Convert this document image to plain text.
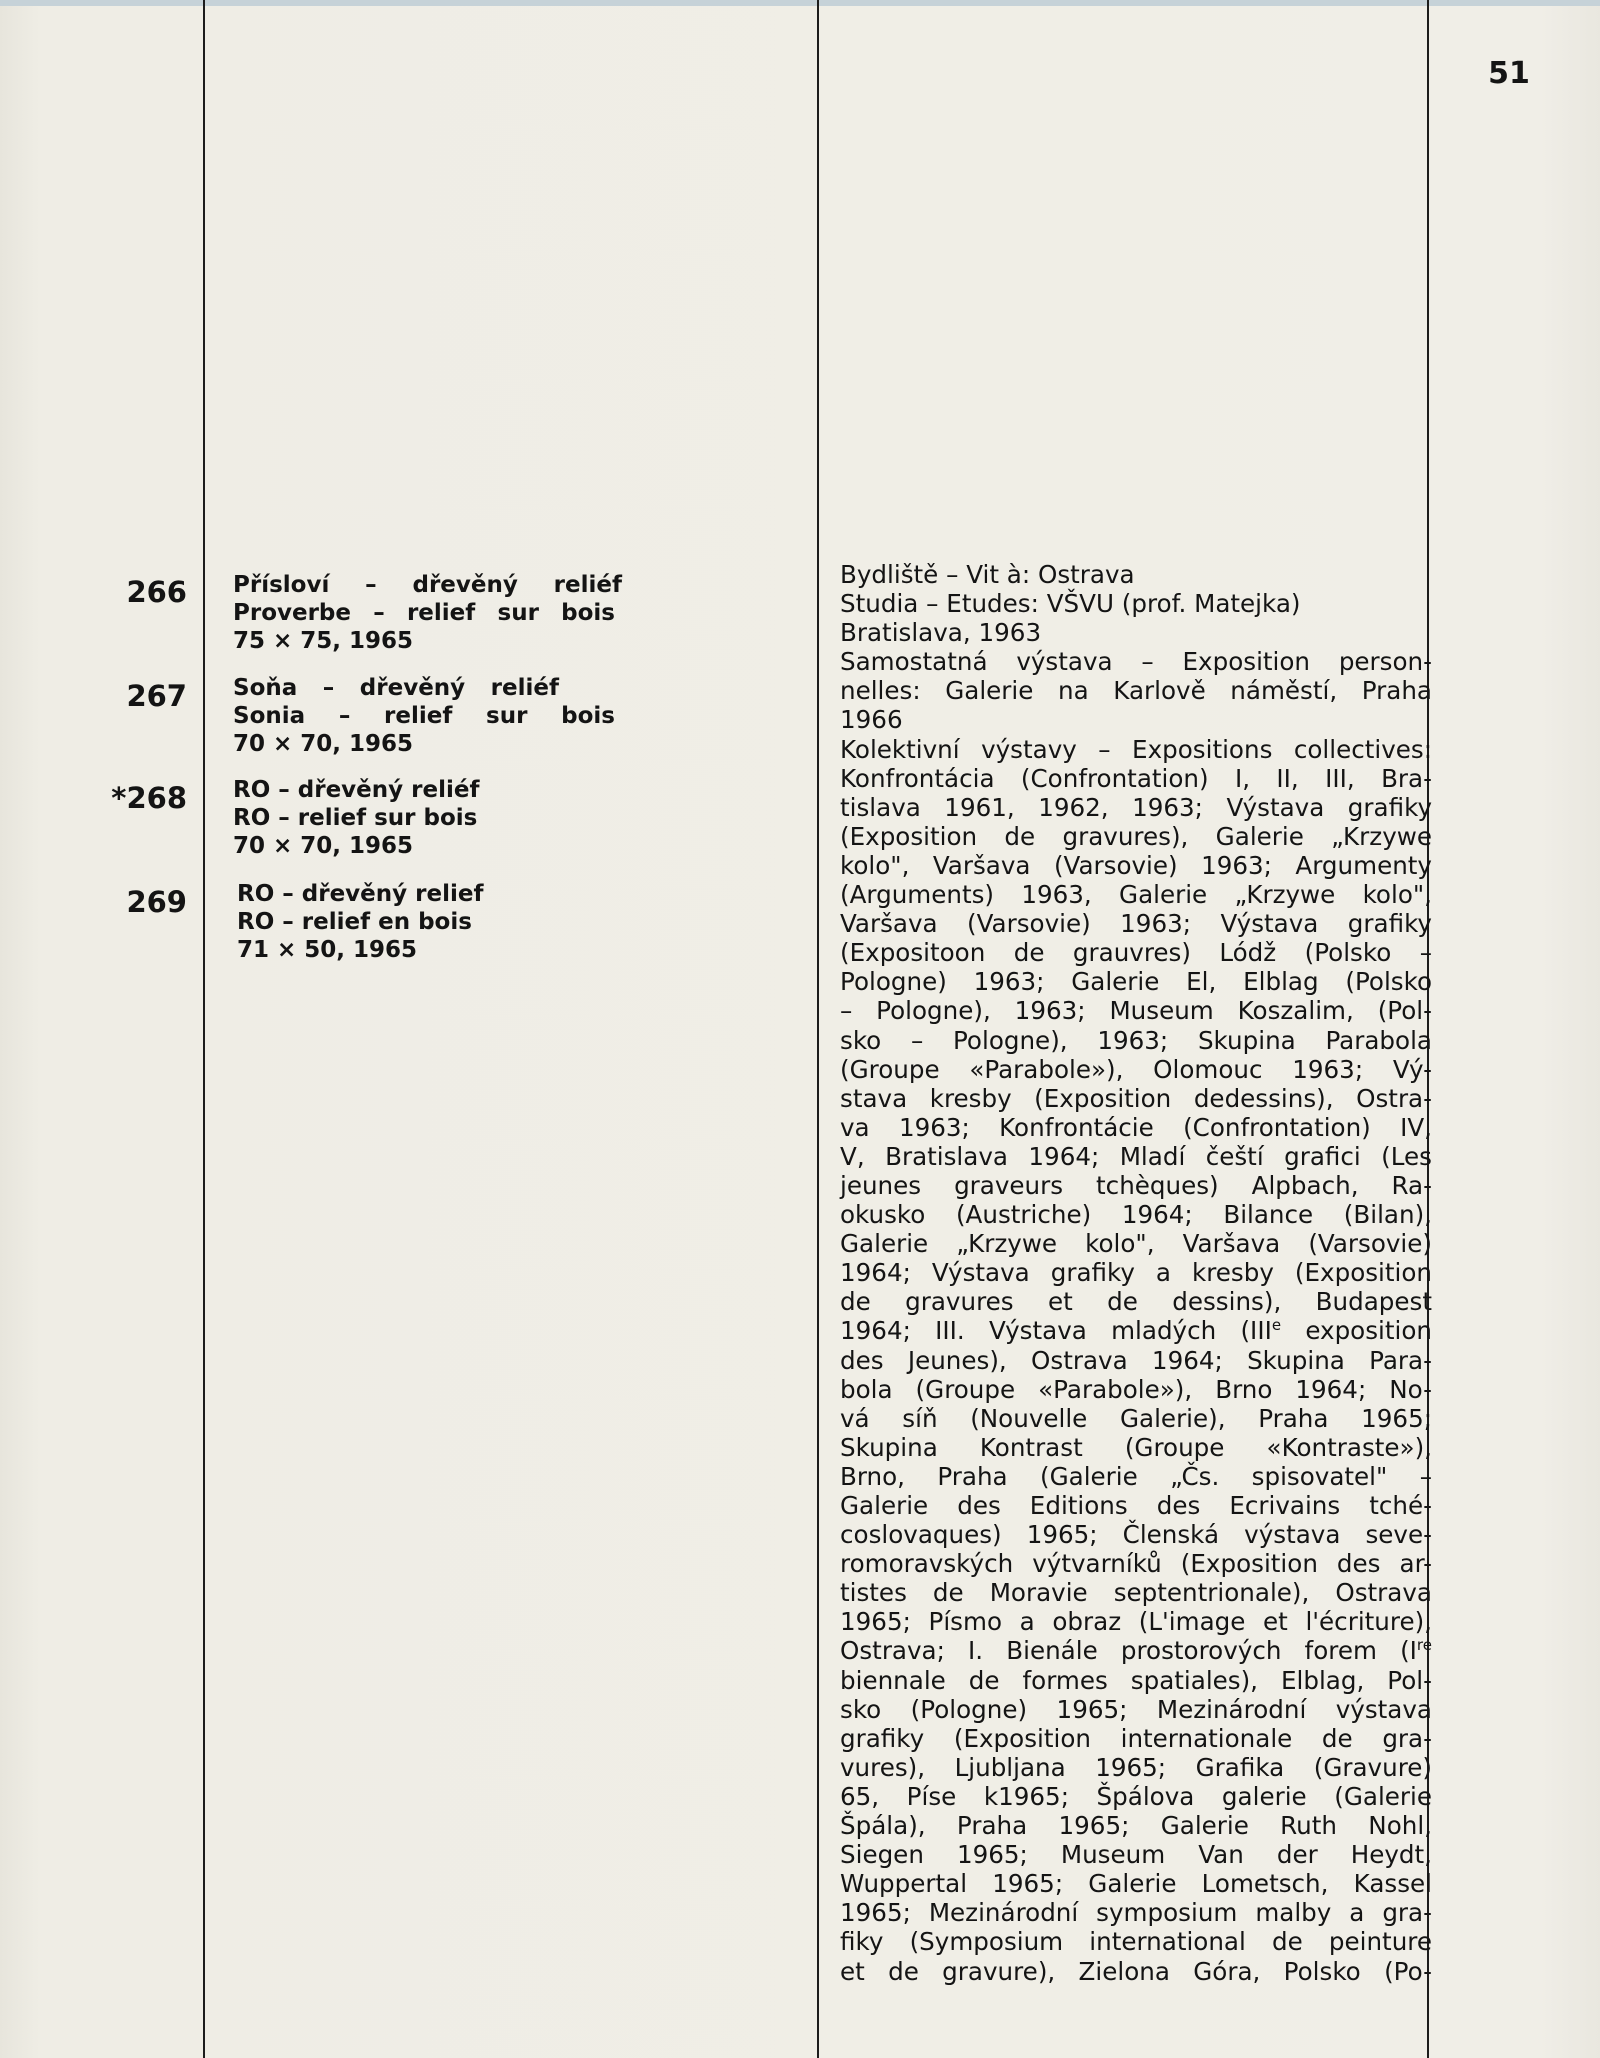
51
266 Přísloví – dřevěný reliéf
Proverbe – relief sur bois
75 × 75, 1965
267 Soňa – dřevěný reliéf
Sonia – relief sur bois
70 × 70, 1965
*268 RO – dřevěný reliéf
RO – relief sur bois
70 × 70, 1965
269 RO – dřevěný relief
RO – relief en bois
71 × 50, 1965
Bydliště – Vit à: Ostrava
Studia – Etudes: VŠVU (prof. Matejka)
Bratislava, 1963
Samostatná výstava – Exposition person-
nelles: Galerie na Karlově náměstí, Praha
1966
Kolektivní výstavy – Expositions collectives:
Konfrontácia (Confrontation) I, II, III, Bra-
tislava 1961, 1962, 1963; Výstava grafiky
(Exposition de gravures), Galerie „Krzywe
kolo", Varšava (Varsovie) 1963; Argumenty
(Arguments) 1963, Galerie „Krzywe kolo",
Varšava (Varsovie) 1963; Výstava grafiky
(Expositoon de grauvres) Lódž (Polsko –
Pologne) 1963; Galerie El, Elblag (Polsko
– Pologne), 1963; Museum Koszalim, (Pol-
sko – Pologne), 1963; Skupina Parabola
(Groupe «Parabole»), Olomouc 1963; Vý-
stava kresby (Exposition dedessins), Ostra-
va 1963; Konfrontácie (Confrontation) IV,
V, Bratislava 1964; Mladí čeští grafici (Les
jeunes graveurs tchèques) Alpbach, Ra-
okusko (Austriche) 1964; Bilance (Bilan),
Galerie „Krzywe kolo", Varšava (Varsovie)
1964; Výstava grafiky a kresby (Exposition
de gravures et de dessins), Budapest
1964; III. Výstava mladých (IIIe exposition
des Jeunes), Ostrava 1964; Skupina Para-
bola (Groupe «Parabole»), Brno 1964; No-
vá síň (Nouvelle Galerie), Praha 1965;
Skupina Kontrast (Groupe «Kontraste»),
Brno, Praha (Galerie „Čs. spisovatel" –
Galerie des Editions des Ecrivains tché-
coslovaques) 1965; Členská výstava seve-
romoravských výtvarníků (Exposition des ar-
tistes de Moravie septentrionale), Ostrava
1965; Písmo a obraz (L'image et l'écriture),
Ostrava; I. Bienále prostorových forem (Ire
biennale de formes spatiales), Elblag, Pol-
sko (Pologne) 1965; Mezinárodní výstava
grafiky (Exposition internationale de gra-
vures), Ljubljana 1965; Grafika (Gravure)
65, Píse k1965; Špálova galerie (Galerie
Špála), Praha 1965; Galerie Ruth Nohl,
Siegen 1965; Museum Van der Heydt,
Wuppertal 1965; Galerie Lometsch, Kassel
1965; Mezinárodní symposium malby a gra-
fiky (Symposium international de peinture
et de gravure), Zielona Góra, Polsko (Po-
